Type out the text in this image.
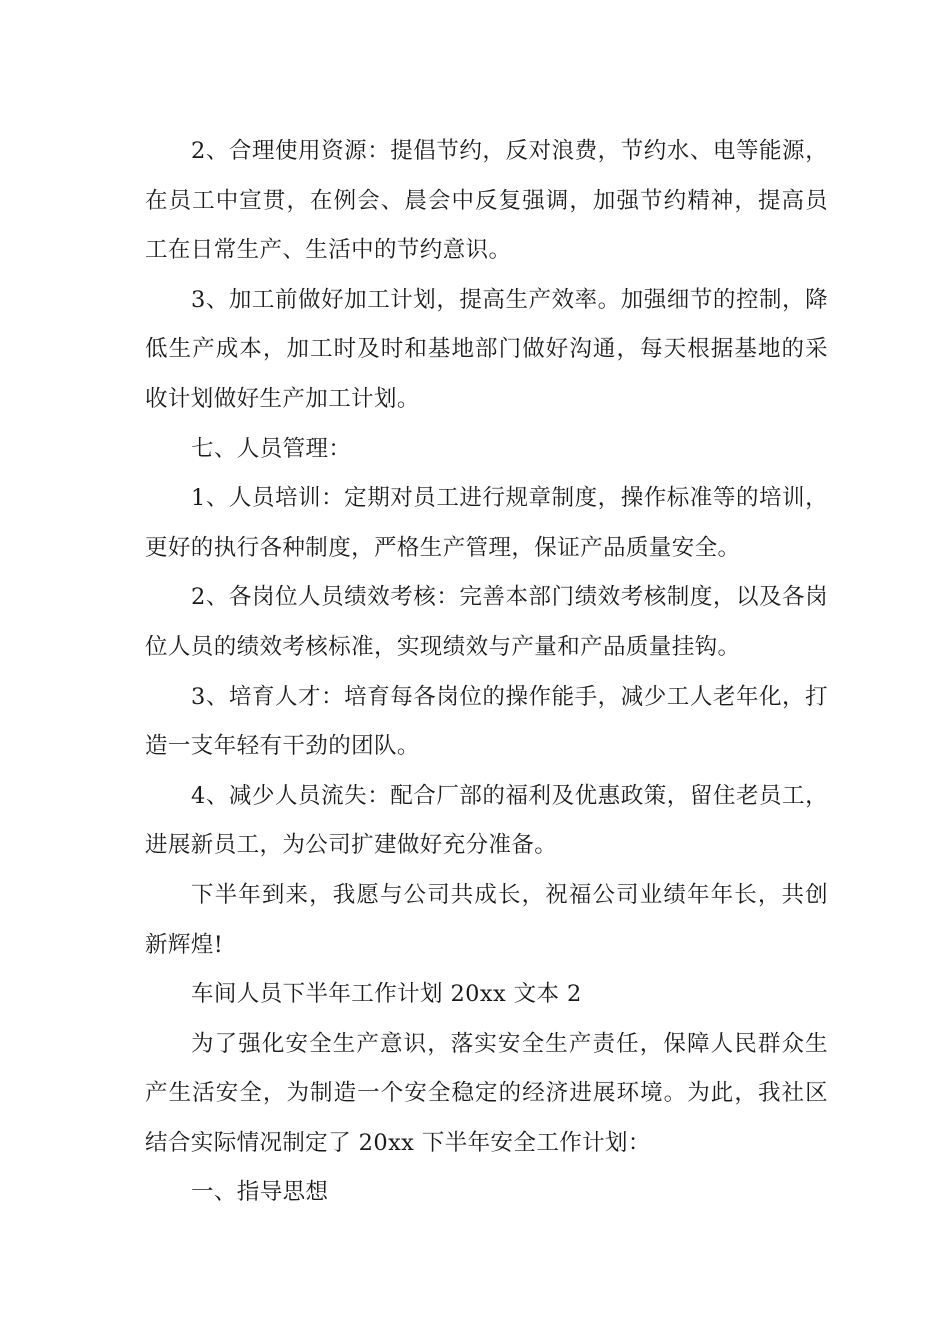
2、合理使用资源：提倡节约，反对浪费，节约水、电等能源，在员工中宣贯，在例会、晨会中反复强调，加强节约精神，提高员工在日常生产、生活中的节约意识。

3、加工前做好加工计划，提高生产效率。加强细节的控制，降低生产成本，加工时及时和基地部门做好沟通，每天根据基地的采收计划做好生产加工计划。

七、人员管理：

1、人员培训：定期对员工进行规章制度，操作标准等的培训，更好的执行各种制度，严格生产管理，保证产品质量安全。

2、各岗位人员绩效考核：完善本部门绩效考核制度，以及各岗位人员的绩效考核标准，实现绩效与产量和产品质量挂钩。

3、培育人才：培育每各岗位的操作能手，减少工人老年化，打造一支年轻有干劲的团队。

4、减少人员流失：配合厂部的福利及优惠政策，留住老员工，进展新员工，为公司扩建做好充分准备。

下半年到来，我愿与公司共成长，祝福公司业绩年年长，共创新辉煌!

车间人员下半年工作计划 20xx 文本 2

为了强化安全生产意识，落实安全生产责任，保障人民群众生产生活安全，为制造一个安全稳定的经济进展环境。为此，我社区结合实际情况制定了 20xx 下半年安全工作计划：

一、指导思想
